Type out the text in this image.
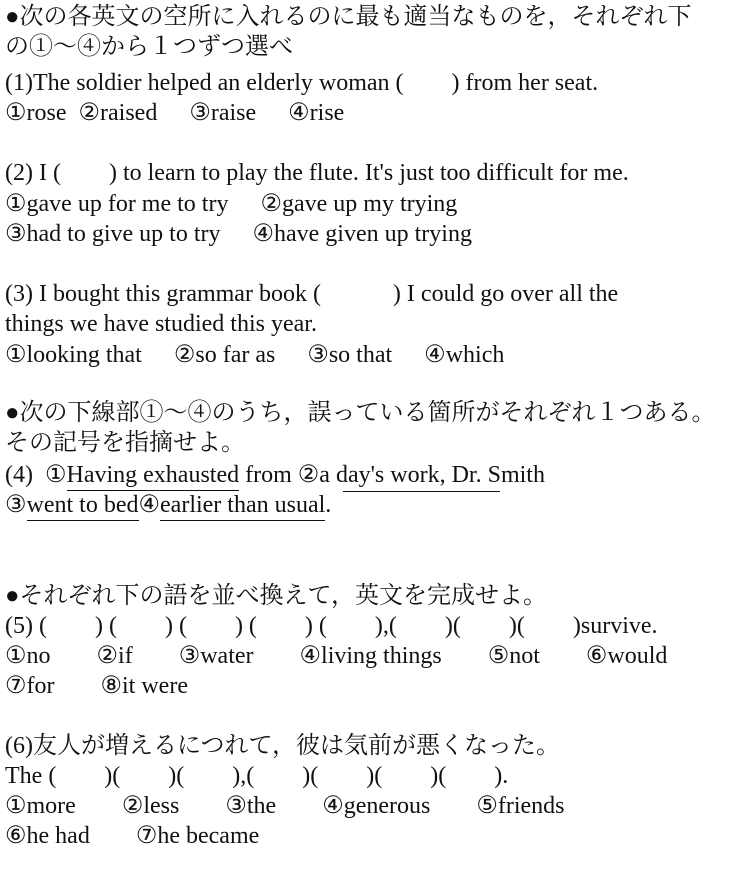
●次の各英文の空所に入れるのに最も適当なものを，それぞれ下
の①～④から１つずつ選べ
(1)The soldier helped an elderly woman (　　) from her seat.
①rose ②raised ③raise ④rise
(2) I (　　) to learn to play the flute. It's just too difficult for me.
①gave up for me to try ②gave up my trying
③had to give up to try ④have given up trying
(3) I bought this grammar book (　　　) I could go over all the
things we have studied this year.
①looking that ②so far as ③so that ④which
●次の下線部①～④のうち，誤っている箇所がそれぞれ１つある。
その記号を指摘せよ。
(4) ①Having exhausted from ②a day's work, Dr. Smith
③went to bed④earlier than usual.
●それぞれ下の語を並べ換えて，英文を完成せよ。
(5) (　　) (　　) (　　) (　　) (　　),(　　)(　　)(　　)survive.
①no ②if ③water ④living things ⑤not ⑥would
⑦for ⑧it were
(6)友人が増えるにつれて，彼は気前が悪くなった。
The (　　)(　　)(　　),(　　)(　　)(　　)(　　).
①more ②less ③the ④generous ⑤friends
⑥he had ⑦he became
